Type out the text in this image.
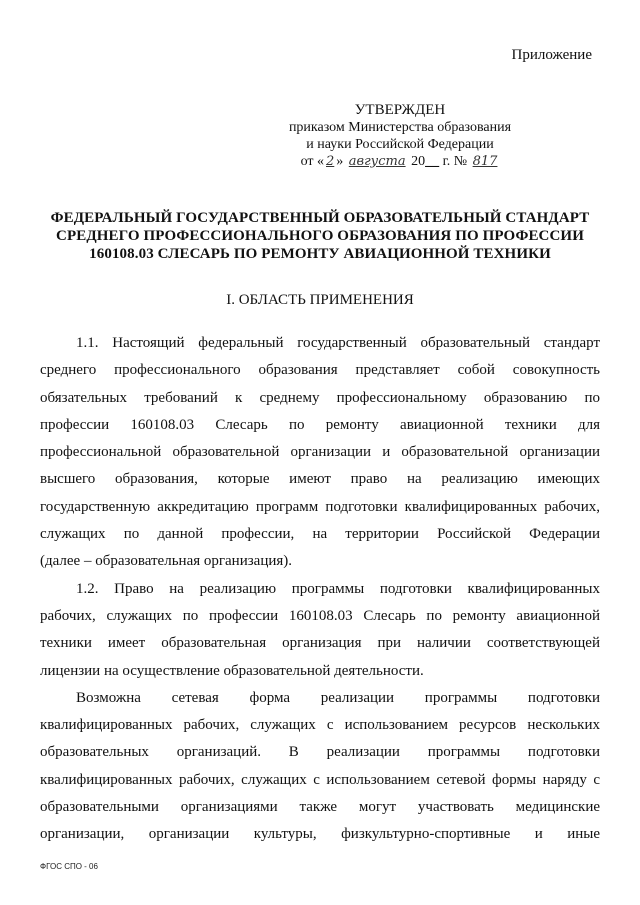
Приложение
УТВЕРЖДЕН
приказом Министерства образования
и науки Российской Федерации
от « 2 » августа 20__ г. № 817
ФЕДЕРАЛЬНЫЙ ГОСУДАРСТВЕННЫЙ ОБРАЗОВАТЕЛЬНЫЙ СТАНДАРТ
СРЕДНЕГО ПРОФЕССИОНАЛЬНОГО ОБРАЗОВАНИЯ ПО ПРОФЕССИИ
160108.03 СЛЕСАРЬ ПО РЕМОНТУ АВИАЦИОННОЙ ТЕХНИКИ
I. ОБЛАСТЬ ПРИМЕНЕНИЯ
1.1. Настоящий федеральный государственный образовательный стандарт
среднего профессионального образования представляет собой совокупность
обязательных требований к среднему профессиональному образованию по
профессии 160108.03 Слесарь по ремонту авиационной техники для
профессиональной образовательной организации и образовательной организации
высшего образования, которые имеют право на реализацию имеющих
государственную аккредитацию программ подготовки квалифицированных рабочих,
служащих по данной профессии, на территории Российской Федерации
(далее – образовательная организация).
1.2. Право на реализацию программы подготовки квалифицированных
рабочих, служащих по профессии 160108.03 Слесарь по ремонту авиационной
техники имеет образовательная организация при наличии соответствующей
лицензии на осуществление образовательной деятельности.
Возможна сетевая форма реализации программы подготовки
квалифицированных рабочих, служащих с использованием ресурсов нескольких
образовательных организаций. В реализации программы подготовки
квалифицированных рабочих, служащих с использованием сетевой формы наряду с
образовательными организациями также могут участвовать медицинские
организации, организации культуры, физкультурно-спортивные и иные
ФГОС СПО - 06
